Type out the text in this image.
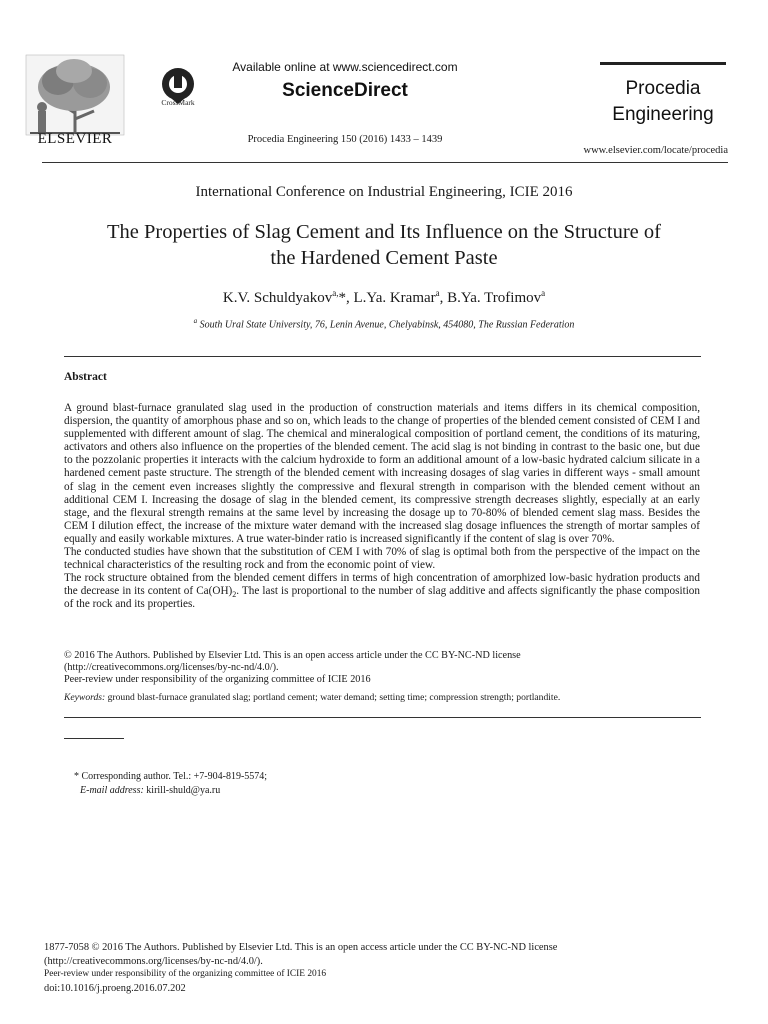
ELSEVIER
CrossMark
Available online at www.sciencedirect.com
ScienceDirect
Procedia Engineering 150 (2016) 1433 – 1439
Procedia
Engineering
www.elsevier.com/locate/procedia
International Conference on Industrial Engineering, ICIE 2016
The Properties of Slag Cement and Its Influence on the Structure of
the Hardened Cement Paste
K.V. Schuldyakov$^{a,}$*, L.Ya. Kramar$^a$, B.Ya. Trofimov$^a$
$^a$ South Ural State University, 76, Lenin Avenue, Chelyabinsk, 454080, The Russian Federation
Abstract

A ground blast-furnace granulated slag used in the production of construction materials and items differs in its chemical composition, dispersion, the quantity of amorphous phase and so on, which leads to the change of properties of the blended cement consisted of CEM I and supplemented with different amount of slag. The chemical and mineralogical composition of portland cement, the conditions of its maturing, activators and others also influence on the properties of the blended cement. The acid slag is not binding in contrast to the basic one, but due to the pozzolanic properties it interacts with the calcium hydroxide to form an additional amount of a low-basic hydrated calcium silicate in a hardened cement paste structure. The strength of the blended cement with increasing dosages of slag varies in different ways - small amount of slag in the cement even increases slightly the compressive and flexural strength in comparison with the blended cement without an additional CEM I. Increasing the dosage of slag in the blended cement, its compressive strength decreases slightly, especially at an early stage, and the flexural strength remains at the same level by increasing the dosage up to 70-80% of blended cement slag mass. Besides the CEM I dilution effect, the increase of the mixture water demand with the increased slag dosage influences the strength of mortar samples of equally and easily workable mixtures. A true water-binder ratio is increased significantly if the content of slag is over 70%.

The conducted studies have shown that the substitution of CEM I with 70% of slag is optimal both from the perspective of the impact on the technical characteristics of the resulting rock and from the economic point of view.

The rock structure obtained from the blended cement differs in terms of high concentration of amorphized low-basic hydration products and the decrease in its content of $Ca(OH)_2$. The last is proportional to the number of slag additive and affects significantly the phase composition of the rock and its properties.

© 2016 The Authors. Published by Elsevier Ltd. This is an open access article under the CC BY-NC-ND license
(http://creativecommons.org/licenses/by-nc-nd/4.0/).
Peer-review under responsibility of the organizing committee of ICIE 2016
Keywords: ground blast-furnace granulated slag; portland cement; water demand; setting time; compression strength; portlandite.
* Corresponding author. Tel.: +7-904-819-5574;
E-mail address: kirill-shuld@ya.ru
1877-7058 © 2016 The Authors. Published by Elsevier Ltd. This is an open access article under the CC BY-NC-ND license
(http://creativecommons.org/licenses/by-nc-nd/4.0/).
Peer-review under responsibility of the organizing committee of ICIE 2016
doi:10.1016/j.proeng.2016.07.202
